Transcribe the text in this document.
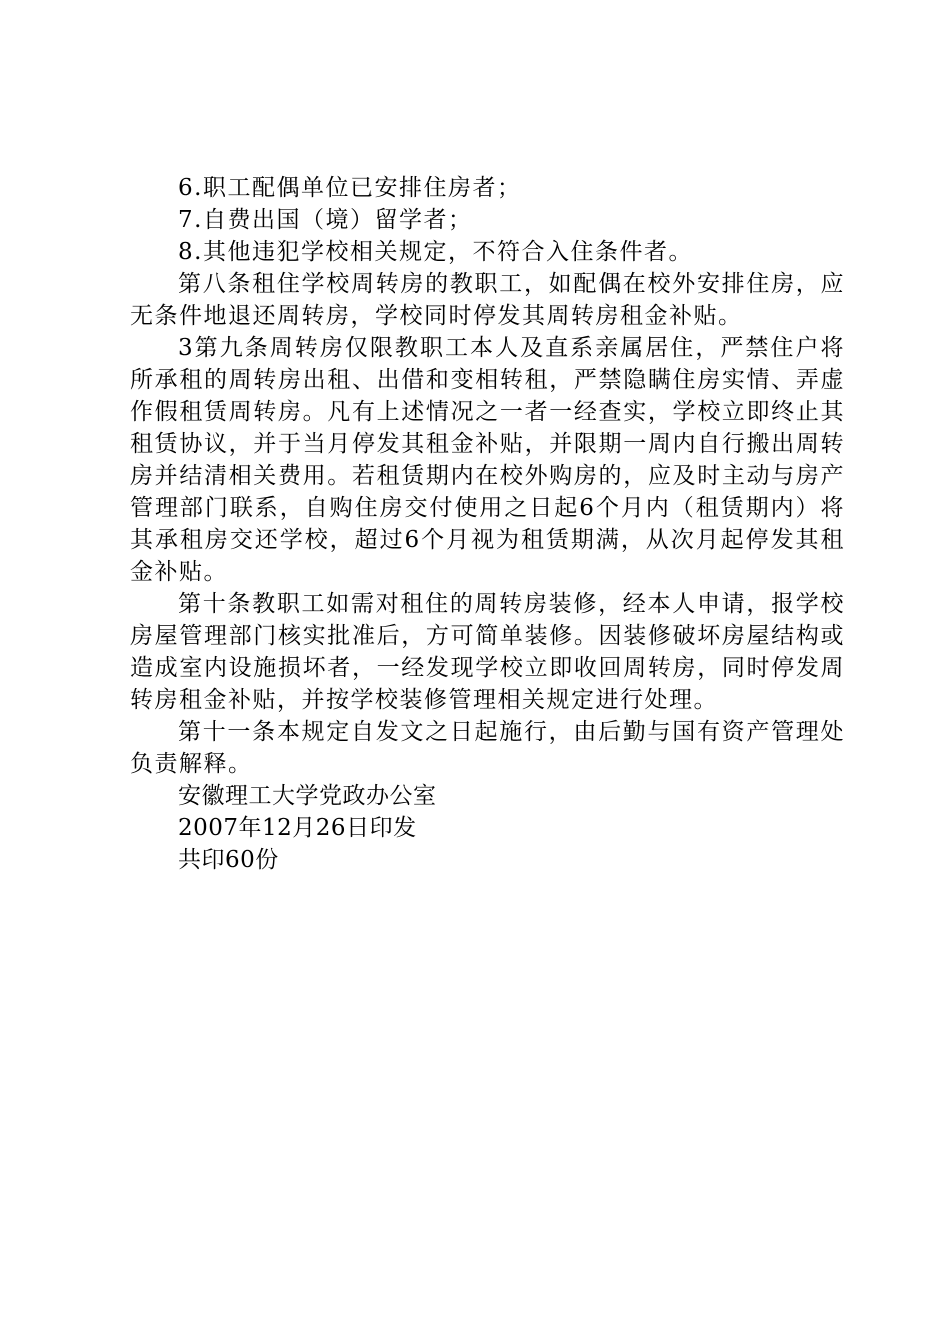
6.职工配偶单位已安排住房者；

7.自费出国（境）留学者；

8.其他违犯学校相关规定，不符合入住条件者。

第八条租住学校周转房的教职工，如配偶在校外安排住房，应无条件地退还周转房，学校同时停发其周转房租金补贴。

3第九条周转房仅限教职工本人及直系亲属居住，严禁住户将所承租的周转房出租、出借和变相转租，严禁隐瞒住房实情、弄虚作假租赁周转房。凡有上述情况之一者一经查实，学校立即终止其租赁协议，并于当月停发其租金补贴，并限期一周内自行搬出周转房并结清相关费用。若租赁期内在校外购房的，应及时主动与房产管理部门联系，自购住房交付使用之日起6个月内（租赁期内）将其承租房交还学校，超过6个月视为租赁期满，从次月起停发其租金补贴。

第十条教职工如需对租住的周转房装修，经本人申请，报学校房屋管理部门核实批准后，方可简单装修。因装修破坏房屋结构或造成室内设施损坏者，一经发现学校立即收回周转房，同时停发周转房租金补贴，并按学校装修管理相关规定进行处理。

第十一条本规定自发文之日起施行，由后勤与国有资产管理处负责解释。

安徽理工大学党政办公室

2007年12月26日印发

共印60份
